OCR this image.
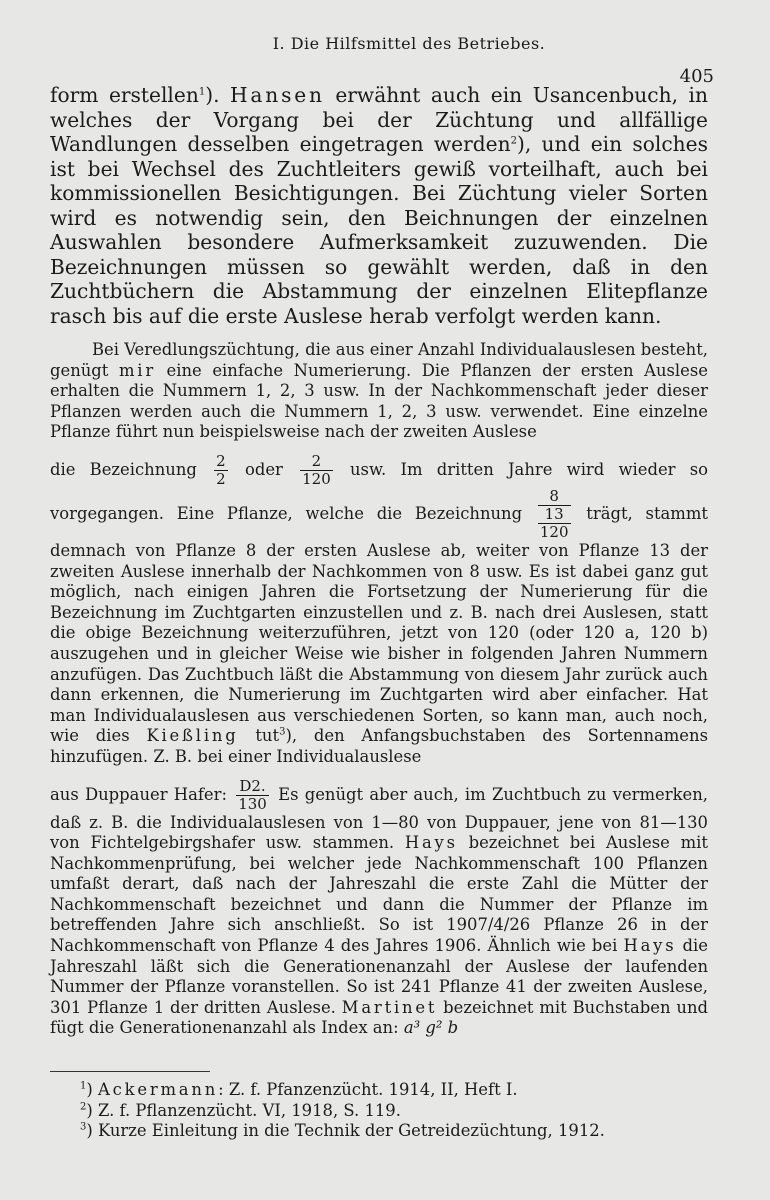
I. Die Hilfsmittel des Betriebes.
405
form erstellen$^1$). Hansen erwähnt auch ein Usancenbuch, in welches der Vorgang bei der Züchtung und allfällige Wandlungen desselben eingetragen werden$^2$), und ein solches ist bei Wechsel des Zuchtleiters gewiß vorteilhaft, auch bei kommissionellen Besichtigungen. Bei Züchtung vieler Sorten wird es notwendig sein, den Beichnungen der einzelnen Auswahlen besondere Aufmerksamkeit zuzuwenden. Die Bezeichnungen müssen so gewählt werden, daß in den Zuchtbüchern die Abstammung der einzelnen Elitepflanze rasch bis auf die erste Auslese herab verfolgt werden kann.
Bei Veredlungszüchtung, die aus einer Anzahl Individualauslesen besteht, genügt mir eine einfache Numerierung. Die Pflanzen der ersten Auslese erhalten die Nummern 1, 2, 3 usw. In der Nachkommenschaft jeder dieser Pflanzen werden auch die Nummern 1, 2, 3 usw. verwendet. Eine einzelne Pflanze führt nun beispielsweise nach der zweiten Auslese
die Bezeichnung $\frac{2}{2}$ oder $\frac{2}{120}$ usw. Im dritten Jahre wird wieder so vorgegangen. Eine Pflanze, welche die Bezeichnung
8
13
120
trägt, stammt demnach von Pflanze 8 der ersten Auslese ab, weiter von Pflanze 13 der zweiten Auslese innerhalb der Nachkommen von 8 usw. Es ist dabei ganz gut möglich, nach einigen Jahren die Fortsetzung der Numerierung für die Bezeichnung im Zuchtgarten einzustellen und z. B. nach drei Auslesen, statt die obige Bezeichnung weiterzuführen, jetzt von 120 (oder 120 a, 120 b) auszugehen und in gleicher Weise wie bisher in folgenden Jahren Nummern anzufügen. Das Zuchtbuch läßt die Abstammung von diesem Jahr zurück auch dann erkennen, die Numerierung im Zuchtgarten wird aber einfacher. Hat man Individualauslesen aus verschiedenen Sorten, so kann man, auch noch, wie dies Kießling tut$^3$), den Anfangsbuchstaben des Sortennamens hinzufügen. Z. B. bei einer Individualauslese
aus Duppauer Hafer: $\frac{D2.}{130}$ Es genügt aber auch, im Zuchtbuch zu vermerken, daß z. B. die Individualauslesen von 1—80 von Duppauer, jene von 81—130 von Fichtelgebirgshafer usw. stammen. Hays bezeichnet bei Auslese mit Nachkommenprüfung, bei welcher jede Nachkommenschaft 100 Pflanzen umfaßt derart, daß nach der Jahreszahl die erste Zahl die Mütter der Nachkommenschaft bezeichnet und dann die Nummer der Pflanze im betreffenden Jahre sich anschließt. So ist 1907/4/26 Pflanze 26 in der Nachkommenschaft von Pflanze 4 des Jahres 1906. Ähnlich wie bei Hays die Jahreszahl läßt sich die Generationenanzahl der Auslese der laufenden Nummer der Pflanze voranstellen. So ist 241 Pflanze 41 der zweiten Auslese, 301 Pflanze 1 der dritten Auslese. Martinet bezeichnet mit Buchstaben und fügt die Generationenanzahl als Index an: a³ g² b
$^1$) Ackermann: Z. f. Pfanzenzücht. 1914, II, Heft I.
$^2$) Z. f. Pflanzenzücht. VI, 1918, S. 119.
$^3$) Kurze Einleitung in die Technik der Getreidezüchtung, 1912.
